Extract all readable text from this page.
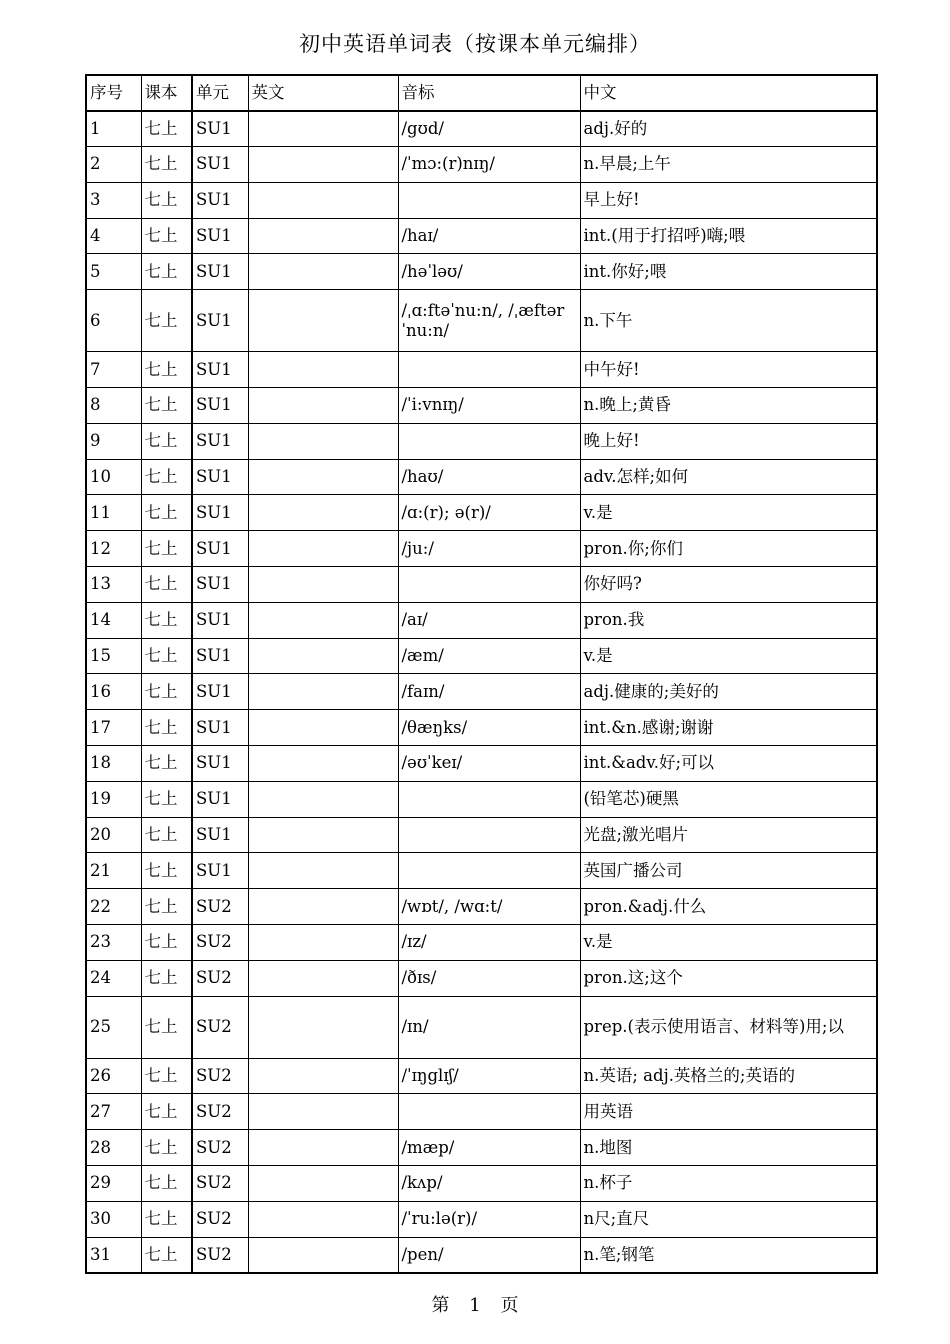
初中英语单词表（按课本单元编排）
序号	课本	单元	英文	音标	中文
1	七上	SU1		/gʊd/	adj.好的
2	七上	SU1		/ˈmɔ:(r)nɪŋ/	n.早晨;上午
3	七上	SU1			早上好!
4	七上	SU1		/haɪ/	int.(用于打招呼)嗨;喂
5	七上	SU1		/həˈləʊ/	int.你好;喂
6	七上	SU1		/ˌɑ:ftəˈnu:n/, /ˌæftərˈnu:n/	n.下午
7	七上	SU1			中午好!
8	七上	SU1		/ˈi:vnɪŋ/	n.晚上;黄昏
9	七上	SU1			晚上好!
10	七上	SU1		/haʊ/	adv.怎样;如何
11	七上	SU1		/ɑ:(r); ə(r)/	v.是
12	七上	SU1		/ju:/	pron.你;你们
13	七上	SU1			你好吗?
14	七上	SU1		/aɪ/	pron.我
15	七上	SU1		/æm/	v.是
16	七上	SU1		/faɪn/	adj.健康的;美好的
17	七上	SU1		/θæŋks/	int.&n.感谢;谢谢
18	七上	SU1		/əʊˈkeɪ/	int.&adv.好;可以
19	七上	SU1			(铅笔芯)硬黑
20	七上	SU1			光盘;激光唱片
21	七上	SU1			英国广播公司
22	七上	SU2		/wɒt/, /wɑ:t/	pron.&adj.什么
23	七上	SU2		/ɪz/	v.是
24	七上	SU2		/ðɪs/	pron.这;这个
25	七上	SU2		/ɪn/	prep.(表示使用语言、材料等)用;以
26	七上	SU2		/ˈɪŋglɪʃ/	n.英语; adj.英格兰的;英语的
27	七上	SU2			用英语
28	七上	SU2		/mæp/	n.地图
29	七上	SU2		/kʌp/	n.杯子
30	七上	SU2		/ˈru:lə(r)/	n尺;直尺
31	七上	SU2		/pen/	n.笔;钢笔
第 1 页
